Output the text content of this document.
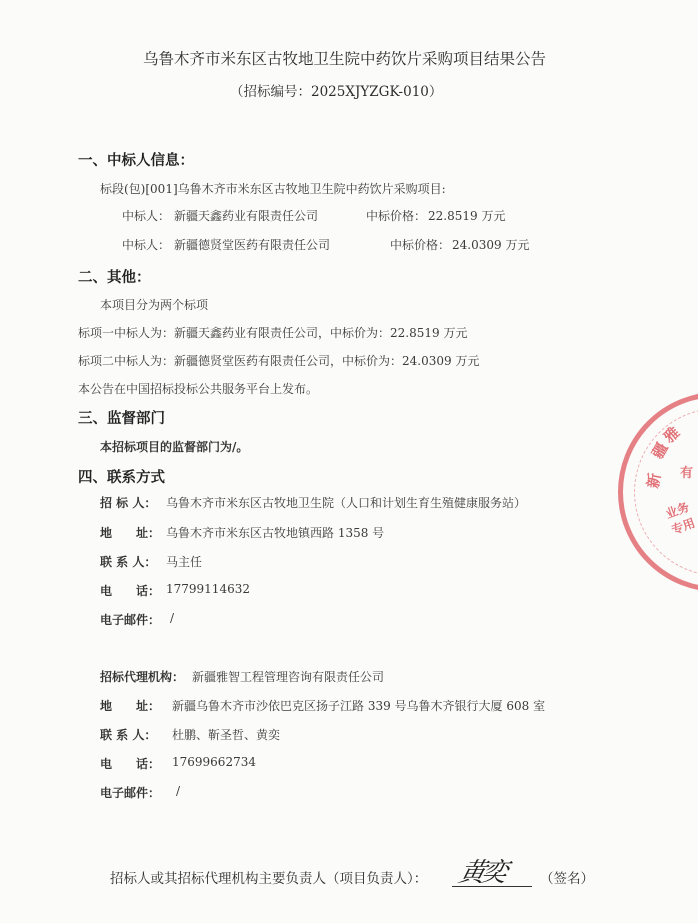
疆
雅
新 有
业务专用
乌鲁木齐市米东区古牧地卫生院中药饮片采购项目结果公告
（招标编号：2025XJYZGK-010）
一、中标人信息：
标段(包)[001]乌鲁木齐市米东区古牧地卫生院中药饮片采购项目:
中标人： 新疆天鑫药业有限责任公司	中标价格： 22.8519 万元
中标人： 新疆德贤堂医药有限责任公司	中标价格： 24.0309 万元
二、其他：
本项目分为两个标项
标项一中标人为：新疆天鑫药业有限责任公司，中标价为：22.8519 万元
标项二中标人为：新疆德贤堂医药有限责任公司，中标价为：24.0309 万元
本公告在中国招标投标公共服务平台上发布。
三、监督部门
本招标项目的监督部门为/。
四、联系方式
招 标 人： 乌鲁木齐市米东区古牧地卫生院（人口和计划生育生殖健康服务站）
地　　址： 乌鲁木齐市米东区古牧地镇西路 1358 号
联 系 人： 马主任
电　　话： 17799114632
电子邮件： /
招标代理机构： 新疆雅智工程管理咨询有限责任公司
地　　址： 新疆乌鲁木齐市沙依巴克区扬子江路 339 号乌鲁木齐银行大厦 608 室
联 系 人： 杜鹏、靳圣哲、黄奕
电　　话： 17699662734
电子邮件： /
招标人或其招标代理机构主要负责人（项目负责人）： 黄奕 （签名）
